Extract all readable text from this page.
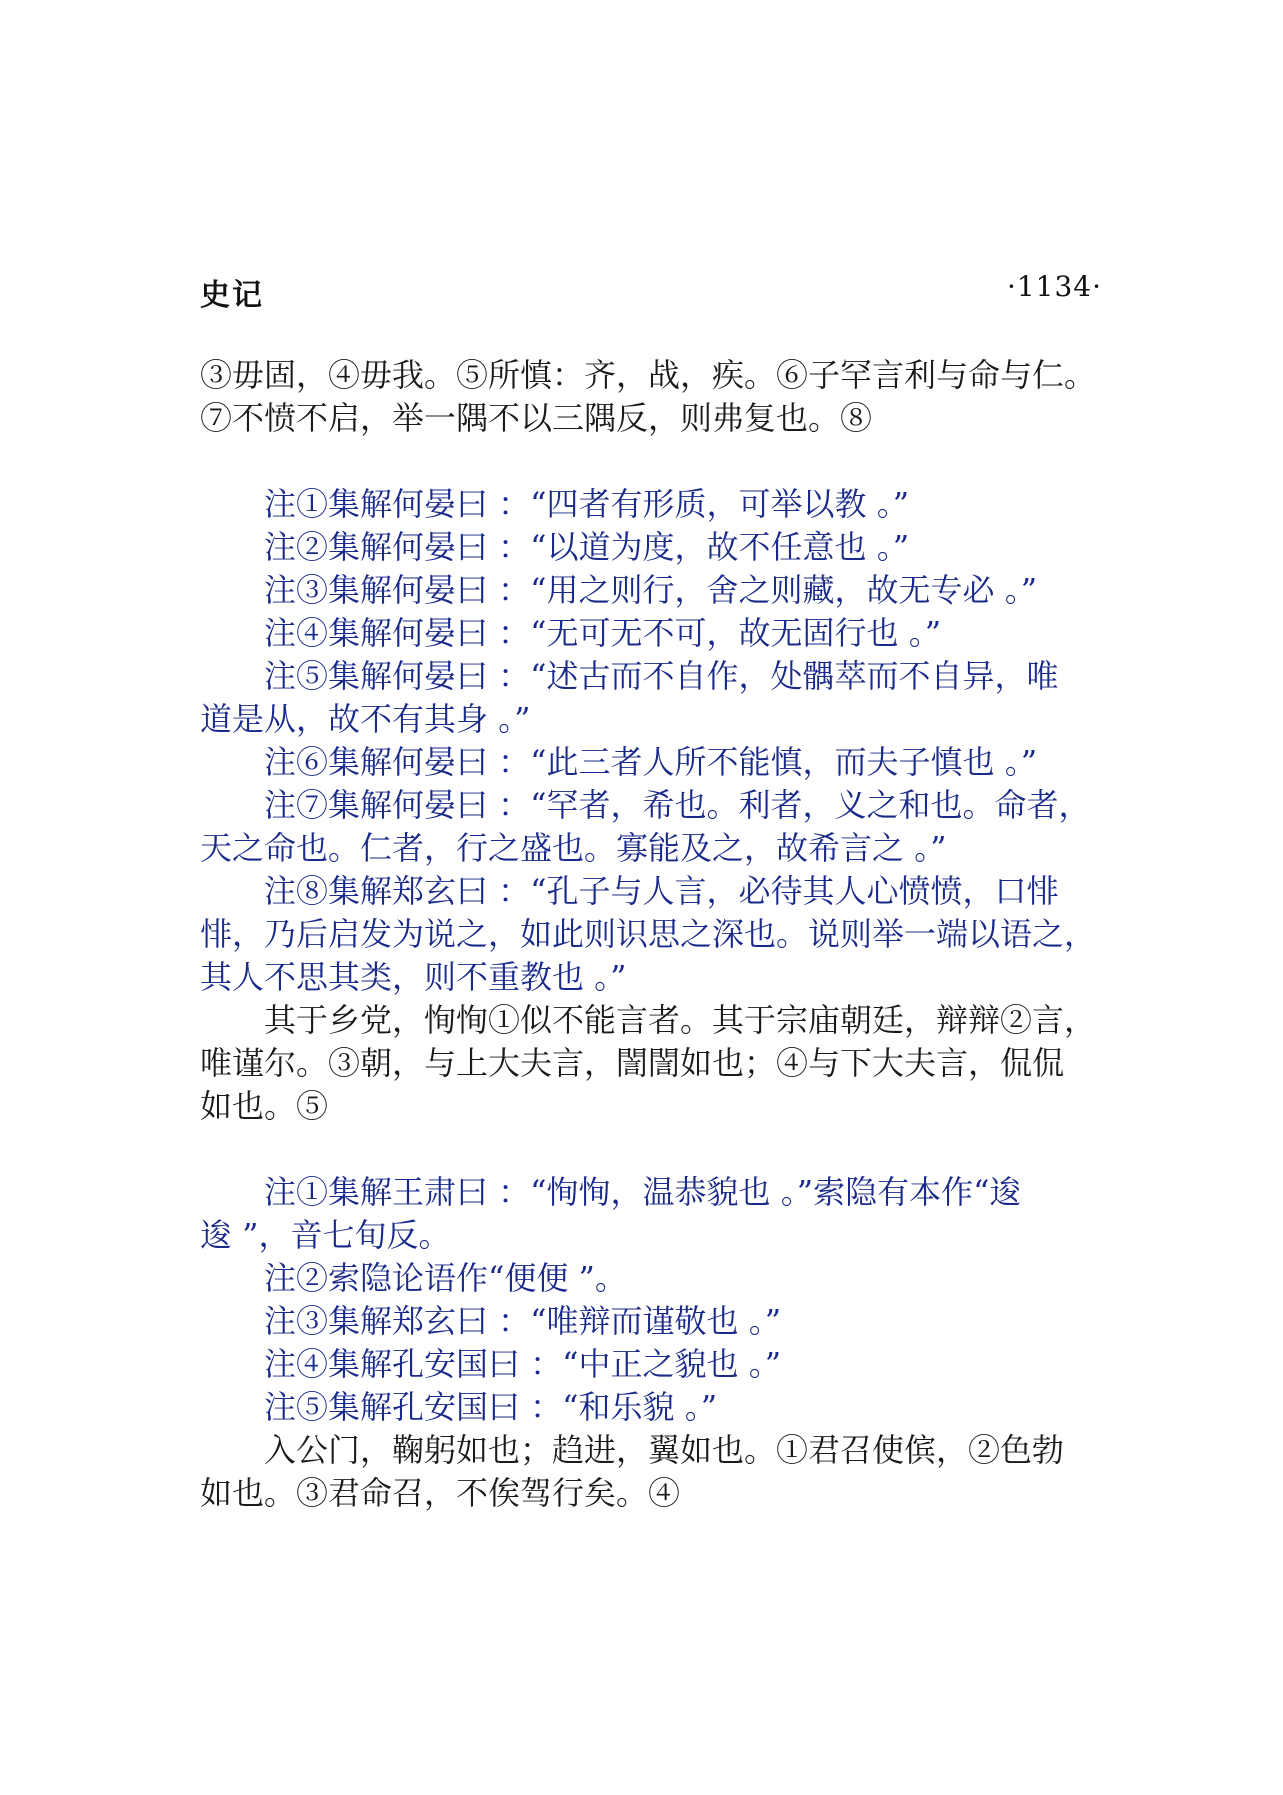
史记	·1134·
③毋固，④毋我。⑤所慎：齐，战，疾。⑥子罕言利与命与仁。
⑦不愤不启，举一隅不以三隅反，则弗复也。⑧
注①集解何晏曰 ：“四者有形质，可举以教 。”
注②集解何晏曰 ：“以道为度，故不任意也 。”
注③集解何晏曰 ：“用之则行，舍之则藏，故无专必 。”
注④集解何晏曰 ：“无可无不可，故无固行也 。”
注⑤集解何晏曰 ：“述古而不自作，处髃萃而不自异，唯
道是从，故不有其身 。”
注⑥集解何晏曰 ：“此三者人所不能慎，而夫子慎也 。”
注⑦集解何晏曰 ：“罕者，希也。利者，义之和也。命者，
天之命也。仁者，行之盛也。寡能及之，故希言之 。”
注⑧集解郑玄曰 ：“孔子与人言，必待其人心愤愤，口悱
悱，乃后启发为说之，如此则识思之深也。说则举一端以语之，
其人不思其类，则不重教也 。”
其于乡党，恂恂①似不能言者。其于宗庙朝廷，辩辩②言，
唯谨尔。③朝，与上大夫言，誾誾如也；④与下大夫言，侃侃
如也。⑤
注①集解王肃曰 ：“恂恂，温恭貌也 。”索隐有本作“逡
逡 ”，音七旬反。
注②索隐论语作“便便 ”。
注③集解郑玄曰 ：“唯辩而谨敬也 。”
注④集解孔安国曰 ：“中正之貌也 。”
注⑤集解孔安国曰 ：“和乐貌 。”
入公门，鞠躬如也；趋进，翼如也。①君召使傧，②色勃
如也。③君命召，不俟驾行矣。④
